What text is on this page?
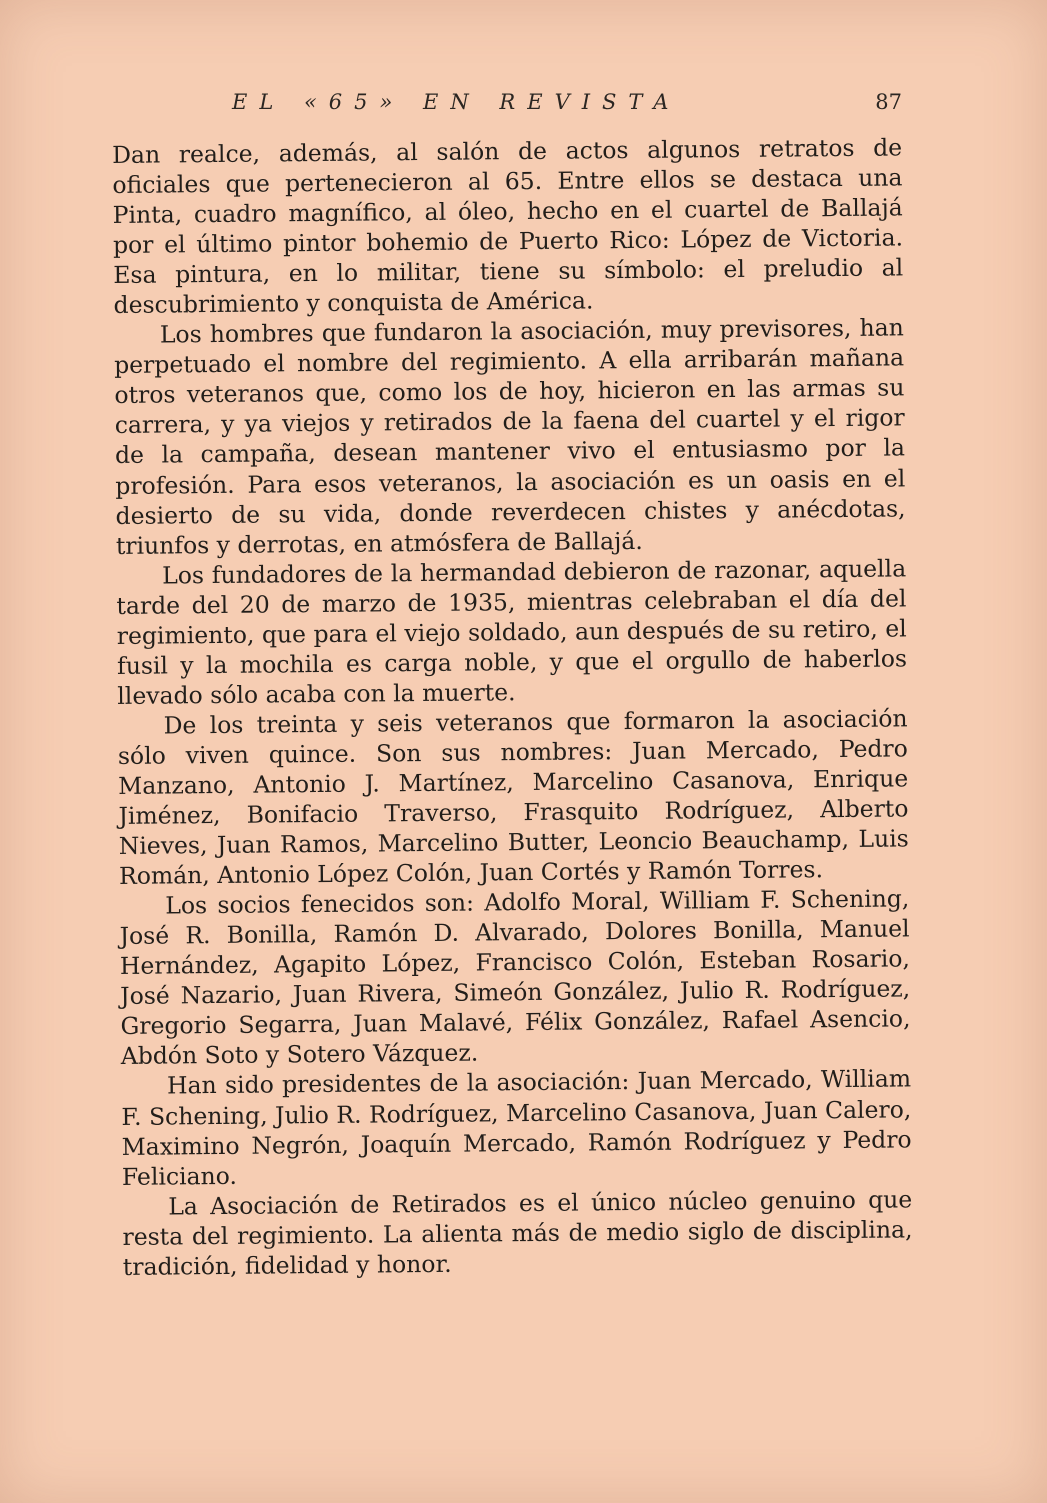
EL «65» EN REVISTA	87

Dan realce, además, al salón de actos algunos retratos de oficiales que pertenecieron al 65. Entre ellos se destaca una Pinta, cuadro magnífico, al óleo, hecho en el cuartel de Ballajá por el último pintor bohemio de Puerto Rico: López de Victoria. Esa pintura, en lo militar, tiene su símbolo: el preludio al descubrimiento y conquista de América.

Los hombres que fundaron la asociación, muy previsores, han perpetuado el nombre del regimiento. A ella arribarán mañana otros veteranos que, como los de hoy, hicieron en las armas su carrera, y ya viejos y retirados de la faena del cuartel y el rigor de la campaña, desean mantener vivo el entusiasmo por la profesión. Para esos veteranos, la asociación es un oasis en el desierto de su vida, donde reverdecen chistes y anécdotas, triunfos y derrotas, en atmósfera de Ballajá.

Los fundadores de la hermandad debieron de razonar, aquella tarde del 20 de marzo de 1935, mientras celebraban el día del regimiento, que para el viejo soldado, aun después de su retiro, el fusil y la mochila es carga noble, y que el orgullo de haberlos llevado sólo acaba con la muerte.

De los treinta y seis veteranos que formaron la asociación sólo viven quince. Son sus nombres: Juan Mercado, Pedro Manzano, Antonio J. Martínez, Marcelino Casanova, Enrique Jiménez, Bonifacio Traverso, Frasquito Rodríguez, Alberto Nieves, Juan Ramos, Marcelino Butter, Leoncio Beauchamp, Luis Román, Antonio López Colón, Juan Cortés y Ramón Torres.

Los socios fenecidos son: Adolfo Moral, William F. Schening, José R. Bonilla, Ramón D. Alvarado, Dolores Bonilla, Manuel Hernández, Agapito López, Francisco Colón, Esteban Rosario, José Nazario, Juan Rivera, Simeón González, Julio R. Rodríguez, Gregorio Segarra, Juan Malavé, Félix González, Rafael Asencio, Abdón Soto y Sotero Vázquez.

Han sido presidentes de la asociación: Juan Mercado, William F. Schening, Julio R. Rodríguez, Marcelino Casanova, Juan Calero, Maximino Negrón, Joaquín Mercado, Ramón Rodríguez y Pedro Feliciano.

La Asociación de Retirados es el único núcleo genuino que resta del regimiento. La alienta más de medio siglo de disciplina, tradición, fidelidad y honor.
